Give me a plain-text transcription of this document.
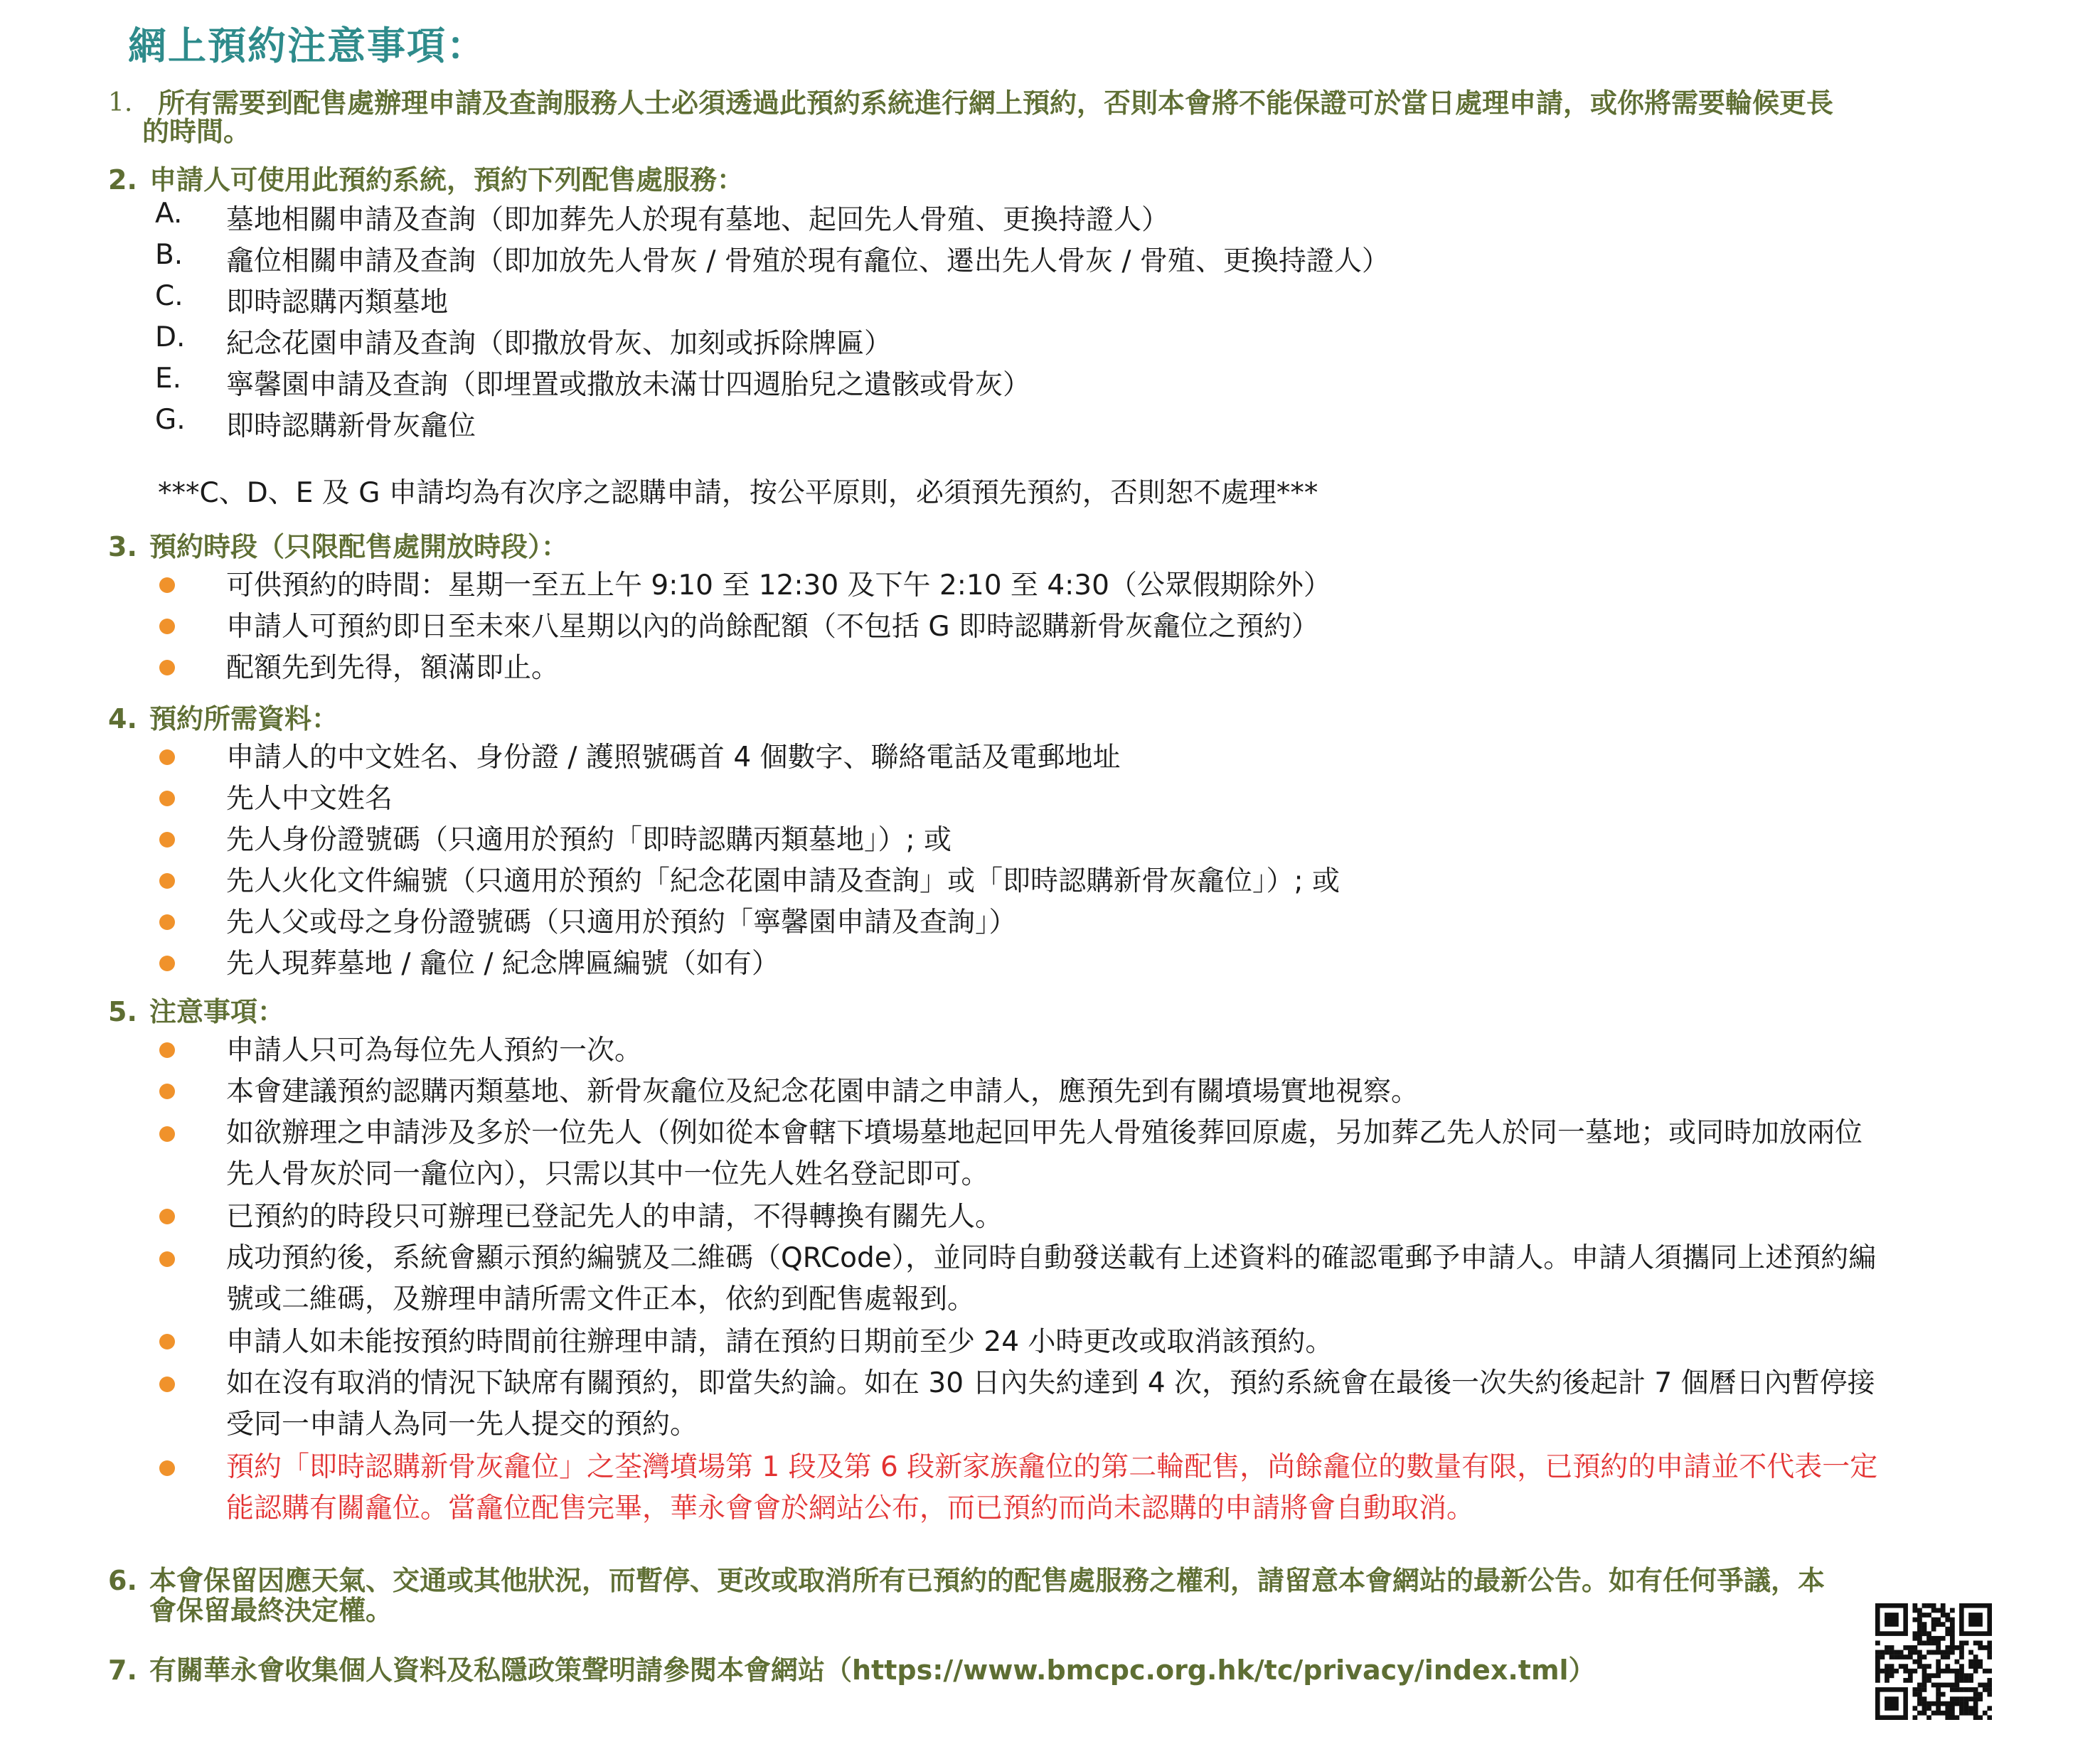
網上預約注意事項：
1. 所有需要到配售處辦理申請及查詢服務人士必須透過此預約系統進行網上預約，否則本會將不能保證可於當日處理申請，或你將需要輪候更長
的時間。
2. 申請人可使用此預約系統，預約下列配售處服務：
A. 墓地相關申請及查詢（即加葬先人於現有墓地、起回先人骨殖、更換持證人）
B. 龕位相關申請及查詢（即加放先人骨灰 / 骨殖於現有龕位、遷出先人骨灰 / 骨殖、更換持證人）
C. 即時認購丙類墓地
D. 紀念花園申請及查詢（即撒放骨灰、加刻或拆除牌匾）
E. 寧馨園申請及查詢（即埋置或撒放未滿廿四週胎兒之遺骸或骨灰）
G. 即時認購新骨灰龕位
***C、D、E 及 G 申請均為有次序之認購申請，按公平原則，必須預先預約，否則恕不處理***
3. 預約時段（只限配售處開放時段）：
可供預約的時間：星期一至五上午 9:10 至 12:30 及下午 2:10 至 4:30（公眾假期除外）
申請人可預約即日至未來八星期以內的尚餘配額（不包括 G 即時認購新骨灰龕位之預約）
配額先到先得，額滿即止。
4. 預約所需資料：
申請人的中文姓名、身份證 / 護照號碼首 4 個數字、聯絡電話及電郵地址
先人中文姓名
先人身份證號碼（只適用於預約「即時認購丙類墓地」）; 或
先人火化文件編號（只適用於預約「紀念花園申請及查詢」或「即時認購新骨灰龕位」）; 或
先人父或母之身份證號碼（只適用於預約「寧馨園申請及查詢」）
先人現葬墓地 / 龕位 / 紀念牌匾編號（如有）
5. 注意事項：
申請人只可為每位先人預約一次。
本會建議預約認購丙類墓地、新骨灰龕位及紀念花園申請之申請人，應預先到有關墳場實地視察。
如欲辦理之申請涉及多於一位先人（例如從本會轄下墳場墓地起回甲先人骨殖後葬回原處，另加葬乙先人於同一墓地；或同時加放兩位
先人骨灰於同一龕位內），只需以其中一位先人姓名登記即可。
已預約的時段只可辦理已登記先人的申請，不得轉換有關先人。
成功預約後，系統會顯示預約編號及二維碼（QRCode），並同時自動發送載有上述資料的確認電郵予申請人。申請人須攜同上述預約編
號或二維碼，及辦理申請所需文件正本，依約到配售處報到。
申請人如未能按預約時間前往辦理申請，請在預約日期前至少 24 小時更改或取消該預約。
如在沒有取消的情況下缺席有關預約，即當失約論。如在 30 日內失約達到 4 次，預約系統會在最後一次失約後起計 7 個曆日內暫停接
受同一申請人為同一先人提交的預約。
預約「即時認購新骨灰龕位」之荃灣墳場第 1 段及第 6 段新家族龕位的第二輪配售，尚餘龕位的數量有限，已預約的申請並不代表一定
能認購有關龕位。當龕位配售完畢，華永會會於網站公布，而已預約而尚未認購的申請將會自動取消。
6. 本會保留因應天氣、交通或其他狀況，而暫停、更改或取消所有已預約的配售處服務之權利，請留意本會網站的最新公告。如有任何爭議，本
會保留最終決定權。
7. 有關華永會收集個人資料及私隱政策聲明請參閱本會網站（https://www.bmcpc.org.hk/tc/privacy/index.tml）
